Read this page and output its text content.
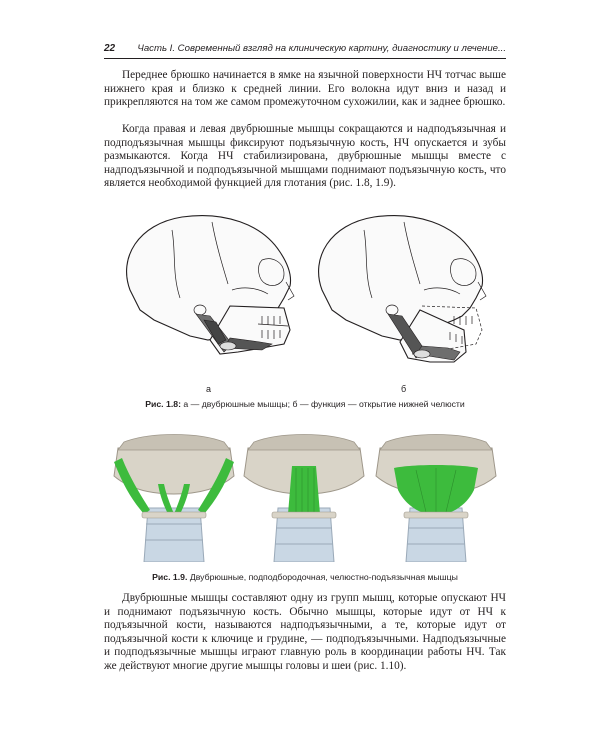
22 Часть I. Современный взгляд на клиническую картину, диагностику и лечение...

Переднее брюшко начинается в ямке на язычной поверхности НЧ тотчас выше нижнего края и близко к средней линии. Его волокна идут вниз и назад и прикрепляются на том же самом промежуточном сухожилии, как и заднее брюшко.

Когда правая и левая двубрюшные мышцы сокращаются и надподъязычная и подподъязычная мышцы фиксируют подъязычную кость, НЧ опускается и зубы размыкаются. Когда НЧ стабилизирована, двубрюшные мышцы вместе с надподъязычной и подподъязычной мышцами поднимают подъязычную кость, что является необходимой функцией для глотания (рис. 1.8, 1.9).

а	б
Рис. 1.8: а — двубрюшные мышцы; б — функция — открытие нижней челюсти
Рис. 1.9. Двубрюшные, подподбородочная, челюстно-подъязычная мышцы

Двубрюшные мышцы составляют одну из групп мышц, которые опускают НЧ и поднимают подъязычную кость. Обычно мышцы, которые идут от НЧ к подъязычной кости, называются надподъязычными, а те, которые идут от подъязычной кости к ключице и грудине, — подподъязычными. Надподъязычные и подподъязычные мышцы играют главную роль в координации работы НЧ. Так же действуют многие другие мышцы головы и шеи (рис. 1.10).
